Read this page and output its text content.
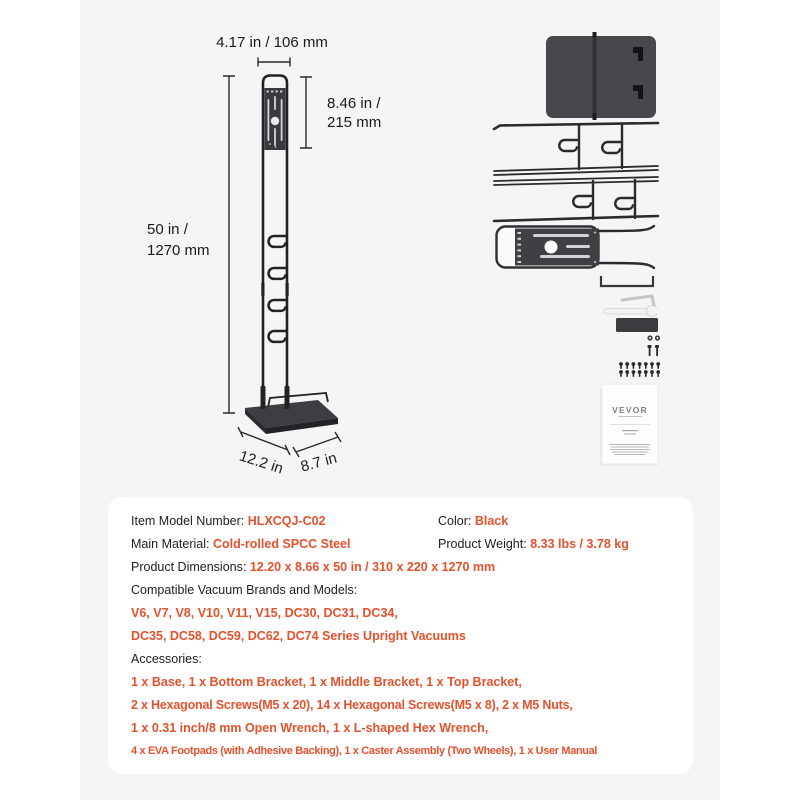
4.17 in / 106 mm
50 in /
1270 mm
8.46 in /
215 mm
12.2 in 8.7 in
VEVOR
Item Model Number: HLXCQJ-C02	Color: Black
Main Material: Cold-rolled SPCC Steel	Product Weight: 8.33 lbs / 3.78 kg
Product Dimensions: 12.20 x 8.66 x 50 in / 310 x 220 x 1270 mm
Compatible Vacuum Brands and Models:
V6, V7, V8, V10, V11, V15, DC30, DC31, DC34,
DC35, DC58, DC59, DC62, DC74 Series Upright Vacuums
Accessories:
1 x Base, 1 x Bottom Bracket, 1 x Middle Bracket, 1 x Top Bracket,
2 x Hexagonal Screws(M5 x 20), 14 x Hexagonal Screws(M5 x 8), 2 x M5 Nuts,
1 x 0.31 inch/8 mm Open Wrench, 1 x L-shaped Hex Wrench,
4 x EVA Footpads (with Adhesive Backing), 1 x Caster Assembly (Two Wheels), 1 x User Manual
